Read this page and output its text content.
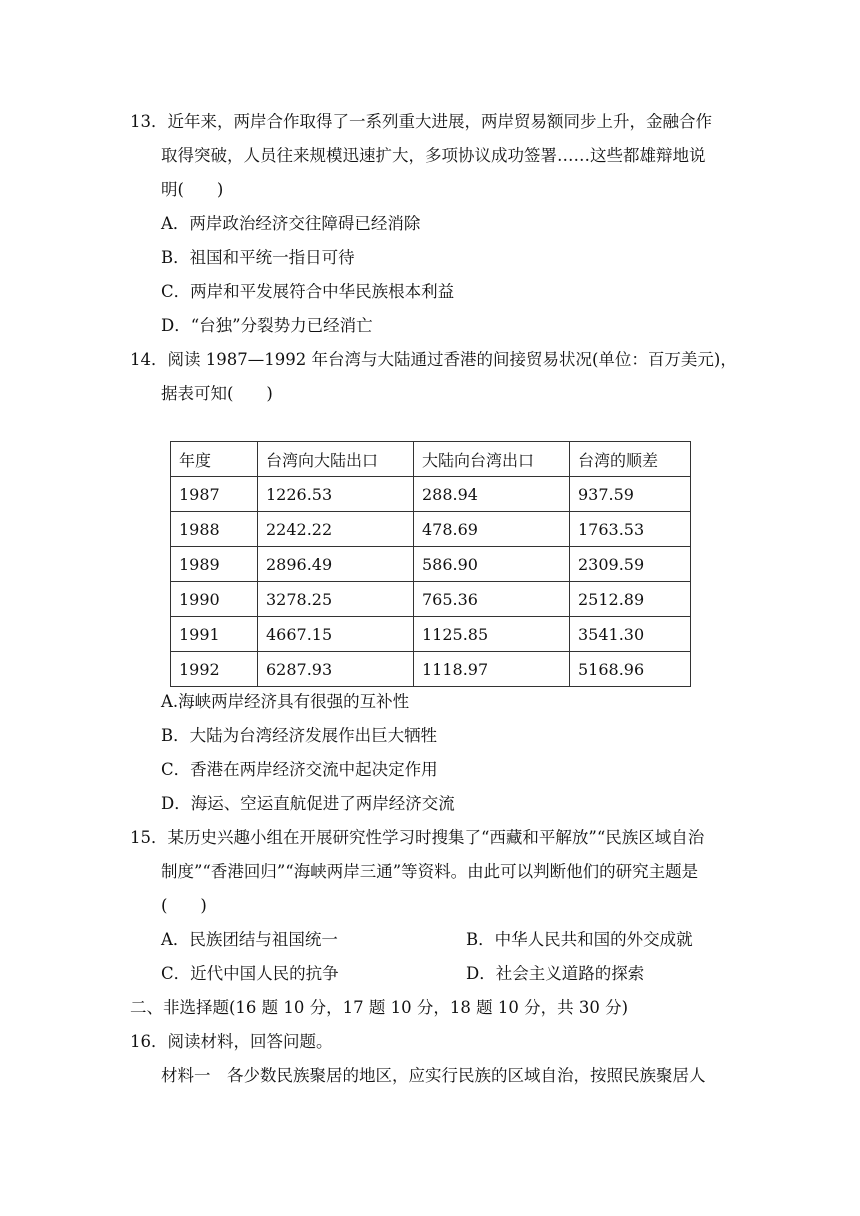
13．近年来，两岸合作取得了一系列重大进展，两岸贸易额同步上升，金融合作
取得突破，人员往来规模迅速扩大，多项协议成功签署……这些都雄辩地说
明(　　)
A．两岸政治经济交往障碍已经消除
B．祖国和平统一指日可待
C．两岸和平发展符合中华民族根本利益
D．“台独”分裂势力已经消亡
14．阅读 1987—1992 年台湾与大陆通过香港的间接贸易状况(单位：百万美元)，
据表可知(　　)
年度	台湾向大陆出口	大陆向台湾出口	台湾的顺差
1987	1226.53	288.94	937.59
1988	2242.22	478.69	1763.53
1989	2896.49	586.90	2309.59
1990	3278.25	765.36	2512.89
1991	4667.15	1125.85	3541.30
1992	6287.93	1118.97	5168.96
A.海峡两岸经济具有很强的互补性
B．大陆为台湾经济发展作出巨大牺牲
C．香港在两岸经济交流中起决定作用
D．海运、空运直航促进了两岸经济交流
15．某历史兴趣小组在开展研究性学习时搜集了“西藏和平解放”“民族区域自治
制度”“香港回归”“海峡两岸三通”等资料。由此可以判断他们的研究主题是
(　　)
A．民族团结与祖国统一	B．中华人民共和国的外交成就
C．近代中国人民的抗争	D．社会主义道路的探索
二、非选择题(16 题 10 分，17 题 10 分，18 题 10 分，共 30 分)
16．阅读材料，回答问题。
材料一　各少数民族聚居的地区，应实行民族的区域自治，按照民族聚居人
